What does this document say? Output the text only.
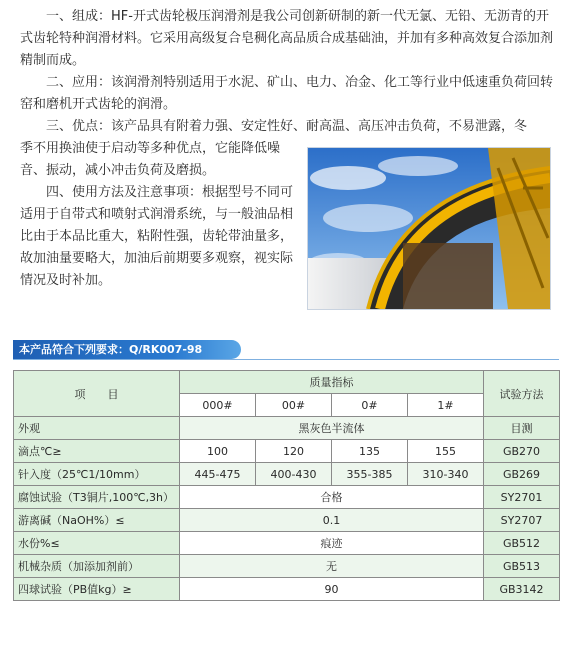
一、组成：HF-开式齿轮极压润滑剂是我公司创新研制的新一代无氯、无铅、无沥青的开式齿轮特种润滑材料。它采用高级复合皂稠化高品质合成基础油，并加有多种高效复合添加剂精制而成。

二、应用：该润滑剂特别适用于水泥、矿山、电力、冶金、化工等行业中低速重负荷回转窑和磨机开式齿轮的润滑。

三、优点：该产品具有附着力强、安定性好、耐高温、高压冲击负荷，不易泄露，冬

季不用换油使于启动等多种优点，它能降低噪音、振动，减小冲击负荷及磨损。

四、使用方法及注意事项：根据型号不同可适用于自带式和喷射式润滑系统，与一般油品相比由于本品比重大，粘附性强，齿轮带油量多，故加油量要略大，加油后前期要多观察，视实际情况及时补加。

本产品符合下列要求：Q/RK007-98
项　　目	质量指标				试验方法
	000#	00#	0#	1#	
外观	黑灰色半流体				目测
滴点℃≥	100	120	135	155	GB270
针入度（25℃1/10mm）	445-475	400-430	355-385	310-340	GB269
腐蚀试验（T3铜片,100℃,3h）	合格				SY2701
游离碱（NaOH%）≤	0.1				SY2707
水份%≤	痕迹				GB512
机械杂质（加添加剂前）	无				GB513
四球试验（PB值kg）≥	90				GB3142
